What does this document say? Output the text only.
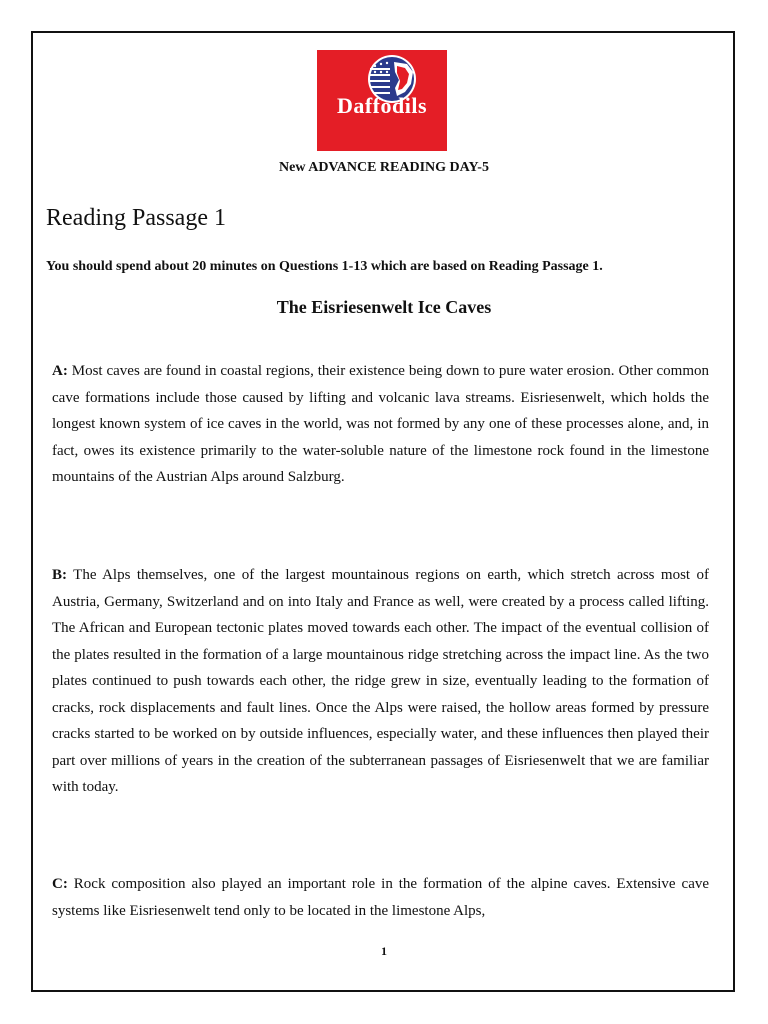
Daffodils
New ADVANCE READING DAY-5
Reading Passage 1
You should spend about 20 minutes on Questions 1-13 which are based on Reading Passage 1.
The Eisriesenwelt Ice Caves

A: Most caves are found in coastal regions, their existence being down to pure water erosion. Other common cave formations include those caused by lifting and volcanic lava streams. Eisriesenwelt, which holds the longest known system of ice caves in the world, was not formed by any one of these processes alone, and, in fact, owes its existence primarily to the water-soluble nature of the limestone rock found in the limestone mountains of the Austrian Alps around Salzburg.

B: The Alps themselves, one of the largest mountainous regions on earth, which stretch across most of Austria, Germany, Switzerland and on into Italy and France as well, were created by a process called lifting. The African and European tectonic plates moved towards each other. The impact of the eventual collision of the plates resulted in the formation of a large mountainous ridge stretching across the impact line. As the two plates continued to push towards each other, the ridge grew in size, eventually leading to the formation of cracks, rock displacements and fault lines. Once the Alps were raised, the hollow areas formed by pressure cracks started to be worked on by outside influences, especially water, and these influences then played their part over millions of years in the creation of the subterranean passages of Eisriesenwelt that we are familiar with today.

C: Rock composition also played an important role in the formation of the alpine caves. Extensive cave systems like Eisriesenwelt tend only to be located in the limestone Alps,

1
